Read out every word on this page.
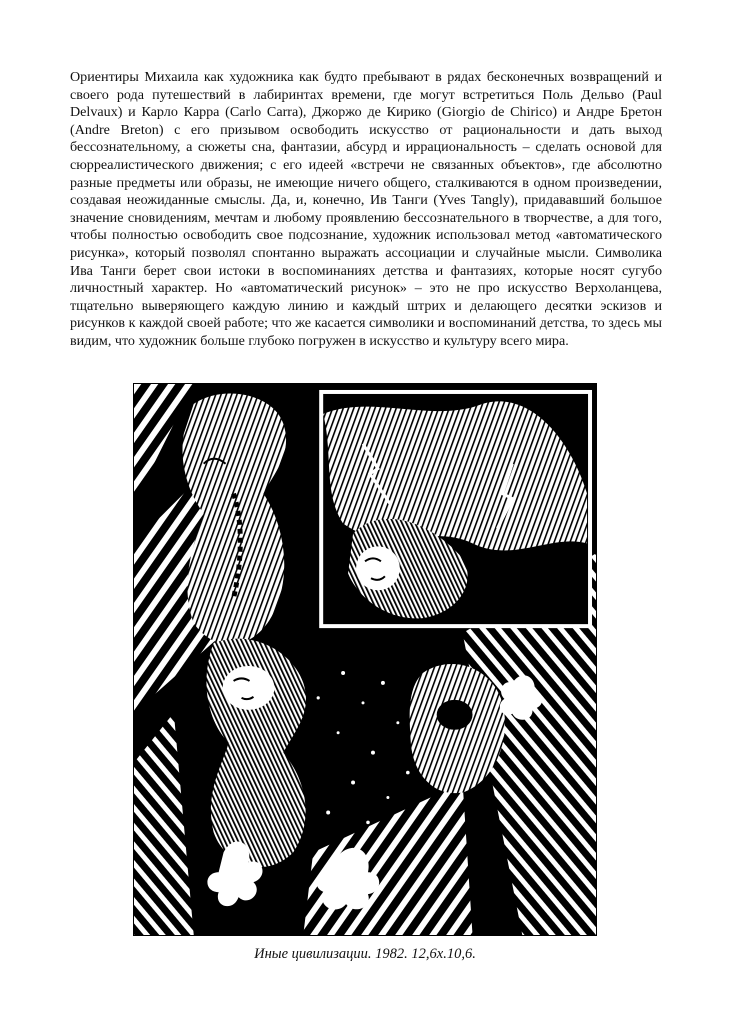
Ориентиры Михаила как художника как будто пребывают в рядах бесконечных возвращений и своего рода путешествий в лабиринтах времени, где могут встретиться Поль Дельво (Paul Delvaux) и Карло Карра (Carlo Carra), Джоржо де Кирико (Giorgio de Chirico) и Андре Бретон (Andre Breton) с его призывом освободить искусство от рациональности и дать выход бессознательному, а сюжеты сна, фантазии, абсурд и иррациональность – сделать основой для сюрреалистического движения; с его идеей «встречи не связанных объектов», где абсолютно разные предметы или образы, не имеющие ничего общего, сталкиваются в одном произведении, создавая неожиданные смыслы. Да, и, конечно, Ив Танги (Yves Tangly), придававший большое значение сновидениям, мечтам и любому проявлению бессознательного в творчестве, а для того, чтобы полностью освободить свое подсознание, художник использовал метод «автоматического рисунка», который позволял спонтанно выражать ассоциации и случайные мысли. Символика Ива Танги берет свои истоки в воспоминаниях детства и фантазиях, которые носят сугубо личностный характер. Но «автоматический рисунок» – это не про искусство Верхоланцева, тщательно выверяющего каждую линию и каждый штрих и делающего десятки эскизов и рисунков к каждой своей работе; что же касается символики и воспоминаний детства, то здесь мы видим, что художник больше глубоко погружен в искусство и культуру всего мира.

Иные цивилизации. 1982. 12,6х.10,6.
